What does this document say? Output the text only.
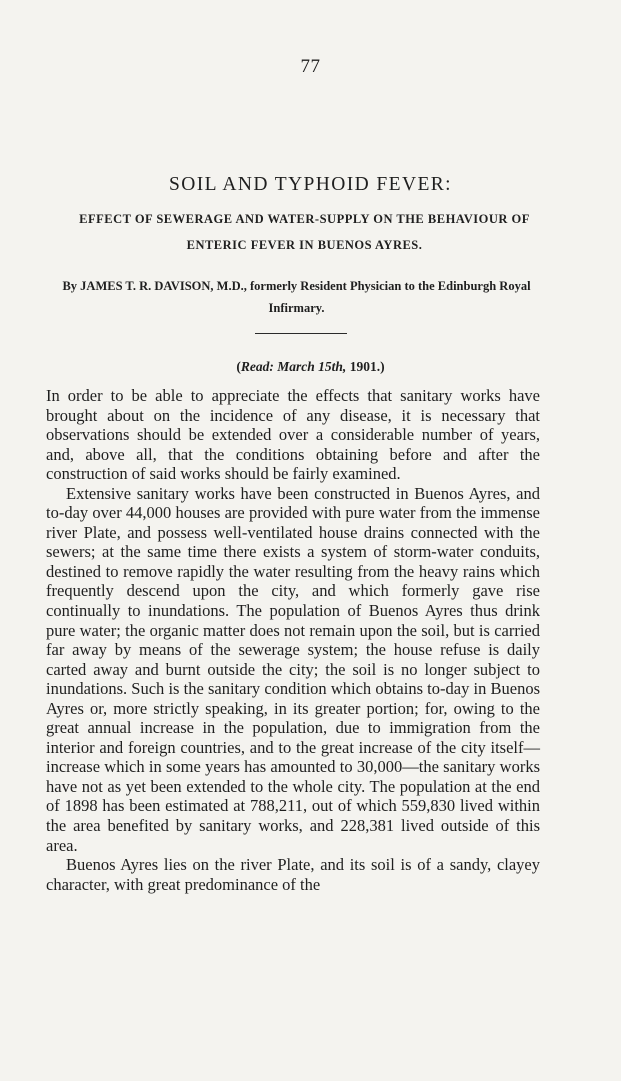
77
SOIL AND TYPHOID FEVER:
EFFECT OF SEWERAGE AND WATER-SUPPLY ON THE BEHAVIOUR OF ENTERIC FEVER IN BUENOS AYRES.
By JAMES T. R. DAVISON, M.D., formerly Resident Physician to the Edinburgh Royal Infirmary.
(Read: March 15th, 1901.)

In order to be able to appreciate the effects that sanitary works have brought about on the incidence of any disease, it is necessary that observations should be extended over a considerable number of years, and, above all, that the conditions obtaining before and after the construction of said works should be fairly examined.

Extensive sanitary works have been constructed in Buenos Ayres, and to-day over 44,000 houses are provided with pure water from the immense river Plate, and possess well-ventilated house drains connected with the sewers; at the same time there exists a system of storm-water conduits, destined to remove rapidly the water resulting from the heavy rains which frequently descend upon the city, and which formerly gave rise continually to inundations. The population of Buenos Ayres thus drink pure water; the organic matter does not remain upon the soil, but is carried far away by means of the sewerage system; the house refuse is daily carted away and burnt outside the city; the soil is no longer subject to inundations. Such is the sanitary condition which obtains to-day in Buenos Ayres or, more strictly speaking, in its greater portion; for, owing to the great annual increase in the population, due to immigration from the interior and foreign countries, and to the great increase of the city itself—increase which in some years has amounted to 30,000—the sanitary works have not as yet been extended to the whole city. The population at the end of 1898 has been estimated at 788,211, out of which 559,830 lived within the area benefited by sanitary works, and 228,381 lived outside of this area.

Buenos Ayres lies on the river Plate, and its soil is of a sandy, clayey character, with great predominance of the
